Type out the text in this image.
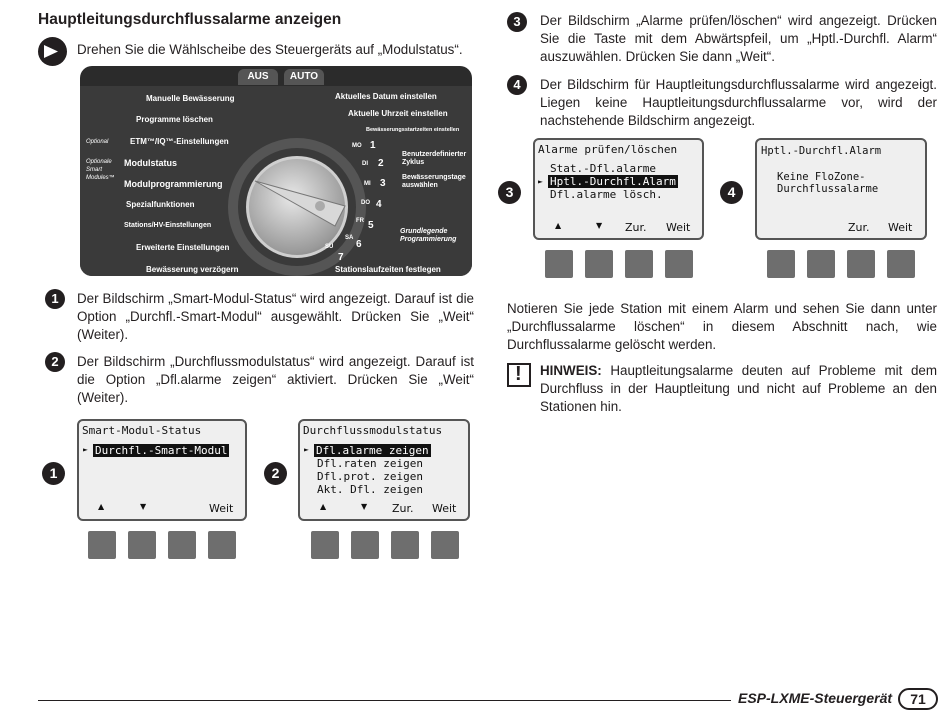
Hauptleitungsdurchflussalarme anzeigen
Drehen Sie die Wählscheibe des Steuergeräts auf „Modulstatus“.
AUS	AUTO
Manuelle Bewässerung
Programme löschen
Optional	ETM™/IQ™-Einstellungen
Optionale Smart Modules™
Modulstatus
Modulprogrammierung
Spezialfunktionen
Stations/HV-Einstellungen
Erweiterte Einstellungen
Bewässerung verzögern
Aktuelles Datum einstellen
Aktuelle Uhrzeit einstellen
Bewässerungsstartzeiten einstellen
Benutzerdefinierter Zyklus
Bewässerungstage auswählen
Grundlegende Programmierung
Stationslaufzeiten festlegen
MO 1
DI 2
MI 3
DO 4
FR 5
SA
6
SU
7
1	Der Bildschirm „Smart-Modul-Status“ wird angezeigt. Darauf ist die Option „Durchfl.-Smart-Modul“ ausgewählt. Drücken Sie „Weit“ (Weiter).
2	Der Bildschirm „Durchflussmodulstatus“ wird angezeigt. Darauf ist die Option „Dfl.alarme zeigen“ aktiviert. Drücken Sie „Weit“ (Weiter).
1
Smart-Modul-Status
► Durchfl.-Smart-Modul
▲	▼	Weit
2
Durchflussmodulstatus
► Dfl.alarme zeigen
Dfl.raten zeigen
Dfl.prot. zeigen
Akt. Dfl. zeigen
▲	▼ Zur. Weit
3	Der Bildschirm „Alarme prüfen/löschen“ wird angezeigt. Drücken Sie die Taste mit dem Abwärtspfeil, um „Hptl.-Durchfl. Alarm“ auszuwählen. Drücken Sie dann „Weit“.
4	Der Bildschirm für Hauptleitungsdurchflussalarme wird angezeigt. Liegen keine Hauptleitungsdurchflussalarme vor, wird der nachstehende Bildschirm angezeigt.
3
Alarme prüfen/löschen
Stat.-Dfl.alarme
► Hptl.-Durchfl.Alarm
Dfl.alarme lösch.
▲	▼ Zur. Weit
4
Hptl.-Durchfl.Alarm
Keine FloZone-
Durchflussalarme
Zur. Weit
Notieren Sie jede Station mit einem Alarm und sehen Sie dann unter „Durchflussalarme löschen“ in diesem Abschnitt nach, wie Durchflussalarme gelöscht werden.
! HINWEIS: Hauptleitungsalarme deuten auf Probleme mit dem Durchfluss in der Hauptleitung und nicht auf Probleme an den Stationen hin.
ESP-LXME-Steuergerät	71
